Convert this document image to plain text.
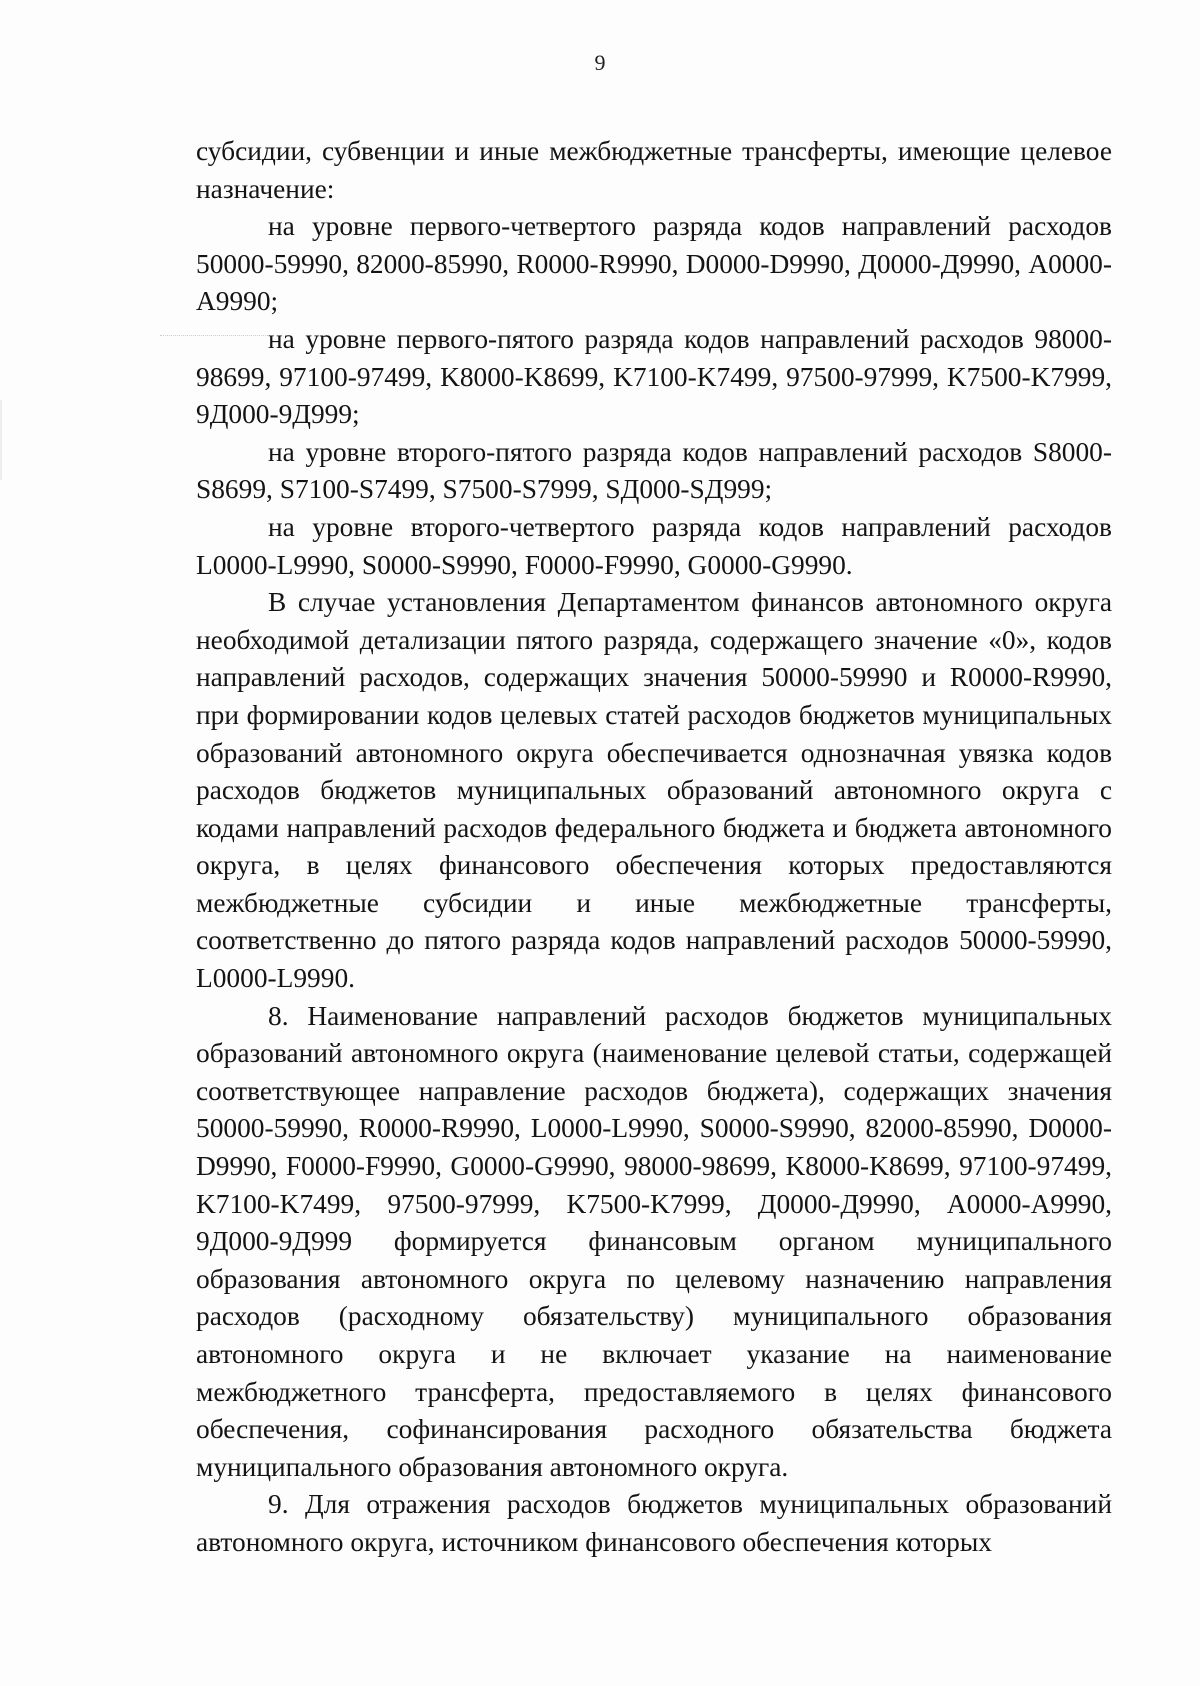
9

субсидии, субвенции и иные межбюджетные трансферты, имеющие целевое назначение:

на уровне первого-четвертого разряда кодов направлений расходов 50000-59990, 82000-85990, R0000-R9990, D0000-D9990, Д0000-Д9990, А0000-А9990;

на уровне первого-пятого разряда кодов направлений расходов 98000-98699, 97100-97499, K8000-K8699, K7100-K7499, 97500-97999, K7500-K7999, 9Д000-9Д999;

на уровне второго-пятого разряда кодов направлений расходов S8000-S8699, S7100-S7499, S7500-S7999, SД000-SД999;

на уровне второго-четвертого разряда кодов направлений расходов L0000-L9990, S0000-S9990, F0000-F9990, G0000-G9990.

В случае установления Департаментом финансов автономного округа необходимой детализации пятого разряда, содержащего значение «0», кодов направлений расходов, содержащих значения 50000-59990 и R0000-R9990, при формировании кодов целевых статей расходов бюджетов муниципальных образований автономного округа обеспечивается однозначная увязка кодов расходов бюджетов муниципальных образований автономного округа с кодами направлений расходов федерального бюджета и бюджета автономного округа, в целях финансового обеспечения которых предоставляются межбюджетные субсидии и иные межбюджетные трансферты, соответственно до пятого разряда кодов направлений расходов 50000-59990, L0000-L9990.

8. Наименование направлений расходов бюджетов муниципальных образований автономного округа (наименование целевой статьи, содержащей соответствующее направление расходов бюджета), содержащих значения 50000-59990, R0000-R9990, L0000-L9990, S0000-S9990, 82000-85990, D0000-D9990, F0000-F9990, G0000-G9990, 98000-98699, K8000-K8699, 97100-97499, K7100-K7499, 97500-97999, K7500-K7999, Д0000-Д9990, А0000-А9990, 9Д000-9Д999 формируется финансовым органом муниципального образования автономного округа по целевому назначению направления расходов (расходному обязательству) муниципального образования автономного округа и не включает указание на наименование межбюджетного трансферта, предоставляемого в целях финансового обеспечения, софинансирования расходного обязательства бюджета муниципального образования автономного округа.

9. Для отражения расходов бюджетов муниципальных образований автономного округа, источником финансового обеспечения которых
